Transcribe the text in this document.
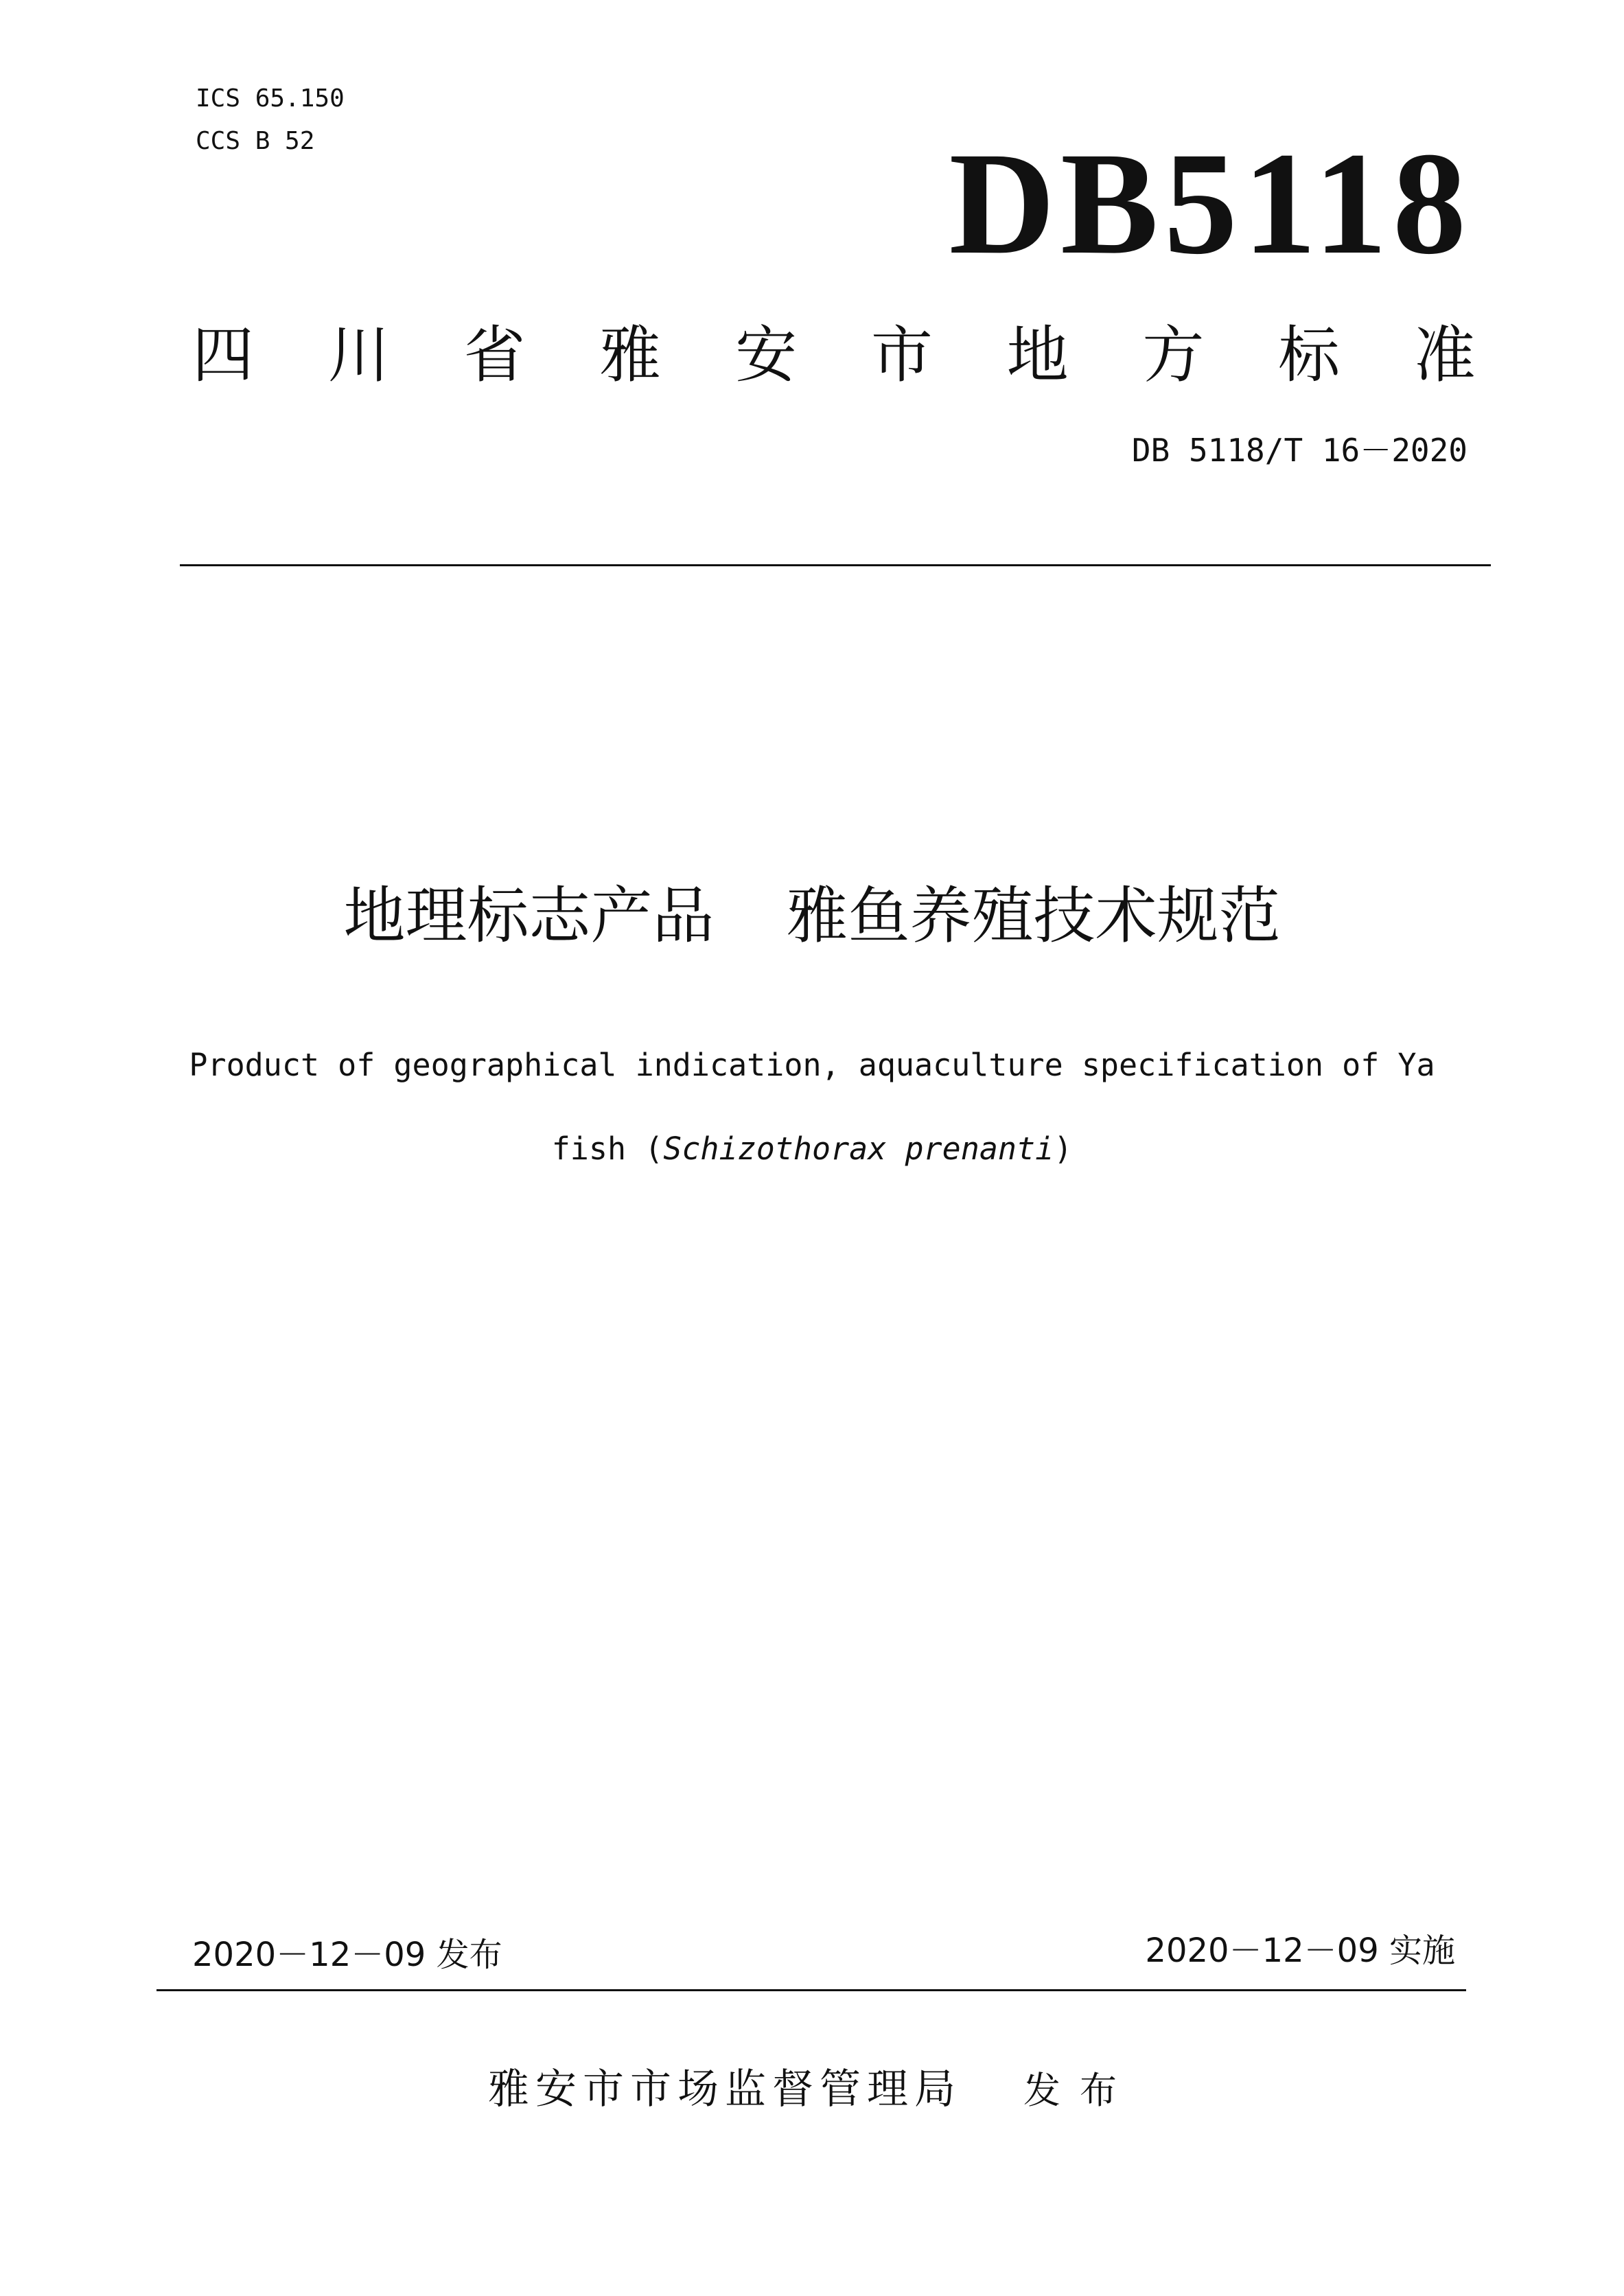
ICS 65.150
CCS B 52	DB5118
四 川 省 雅 安 市 地 方 标 准
DB 5118/T 16－2020
地理标志产品 雅鱼养殖技术规范
Product of geographical indication, aquaculture specification of Ya
fish (Schizothorax prenanti)
2020－12－09 发布	2020－12－09 实施
雅安市市场监督管理局 发布
